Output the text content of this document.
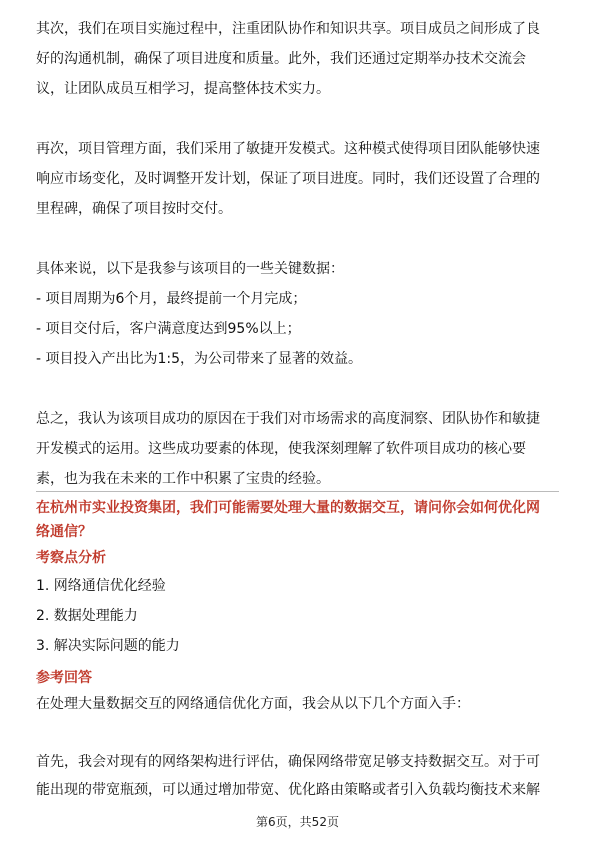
其次，我们在项目实施过程中，注重团队协作和知识共享。项目成员之间形成了良

好的沟通机制，确保了项目进度和质量。此外，我们还通过定期举办技术交流会

议，让团队成员互相学习，提高整体技术实力。

再次，项目管理方面，我们采用了敏捷开发模式。这种模式使得项目团队能够快速

响应市场变化，及时调整开发计划，保证了项目进度。同时，我们还设置了合理的

里程碑，确保了项目按时交付。

具体来说，以下是我参与该项目的一些关键数据：

- 项目周期为6个月，最终提前一个月完成；

- 项目交付后，客户满意度达到95%以上；

- 项目投入产出比为1:5，为公司带来了显著的效益。

总之，我认为该项目成功的原因在于我们对市场需求的高度洞察、团队协作和敏捷

开发模式的运用。这些成功要素的体现，使我深刻理解了软件项目成功的核心要

素，也为我在未来的工作中积累了宝贵的经验。

在杭州市实业投资集团，我们可能需要处理大量的数据交互，请问你会如何优化网
络通信？
考察点分析
1. 网络通信优化经验
2. 数据处理能力
3. 解决实际问题的能力
参考回答
在处理大量数据交互的网络通信优化方面，我会从以下几个方面入手：
首先，我会对现有的网络架构进行评估，确保网络带宽足够支持数据交互。对于可
能出现的带宽瓶颈，可以通过增加带宽、优化路由策略或者引入负载均衡技术来解
第6页，共52页
